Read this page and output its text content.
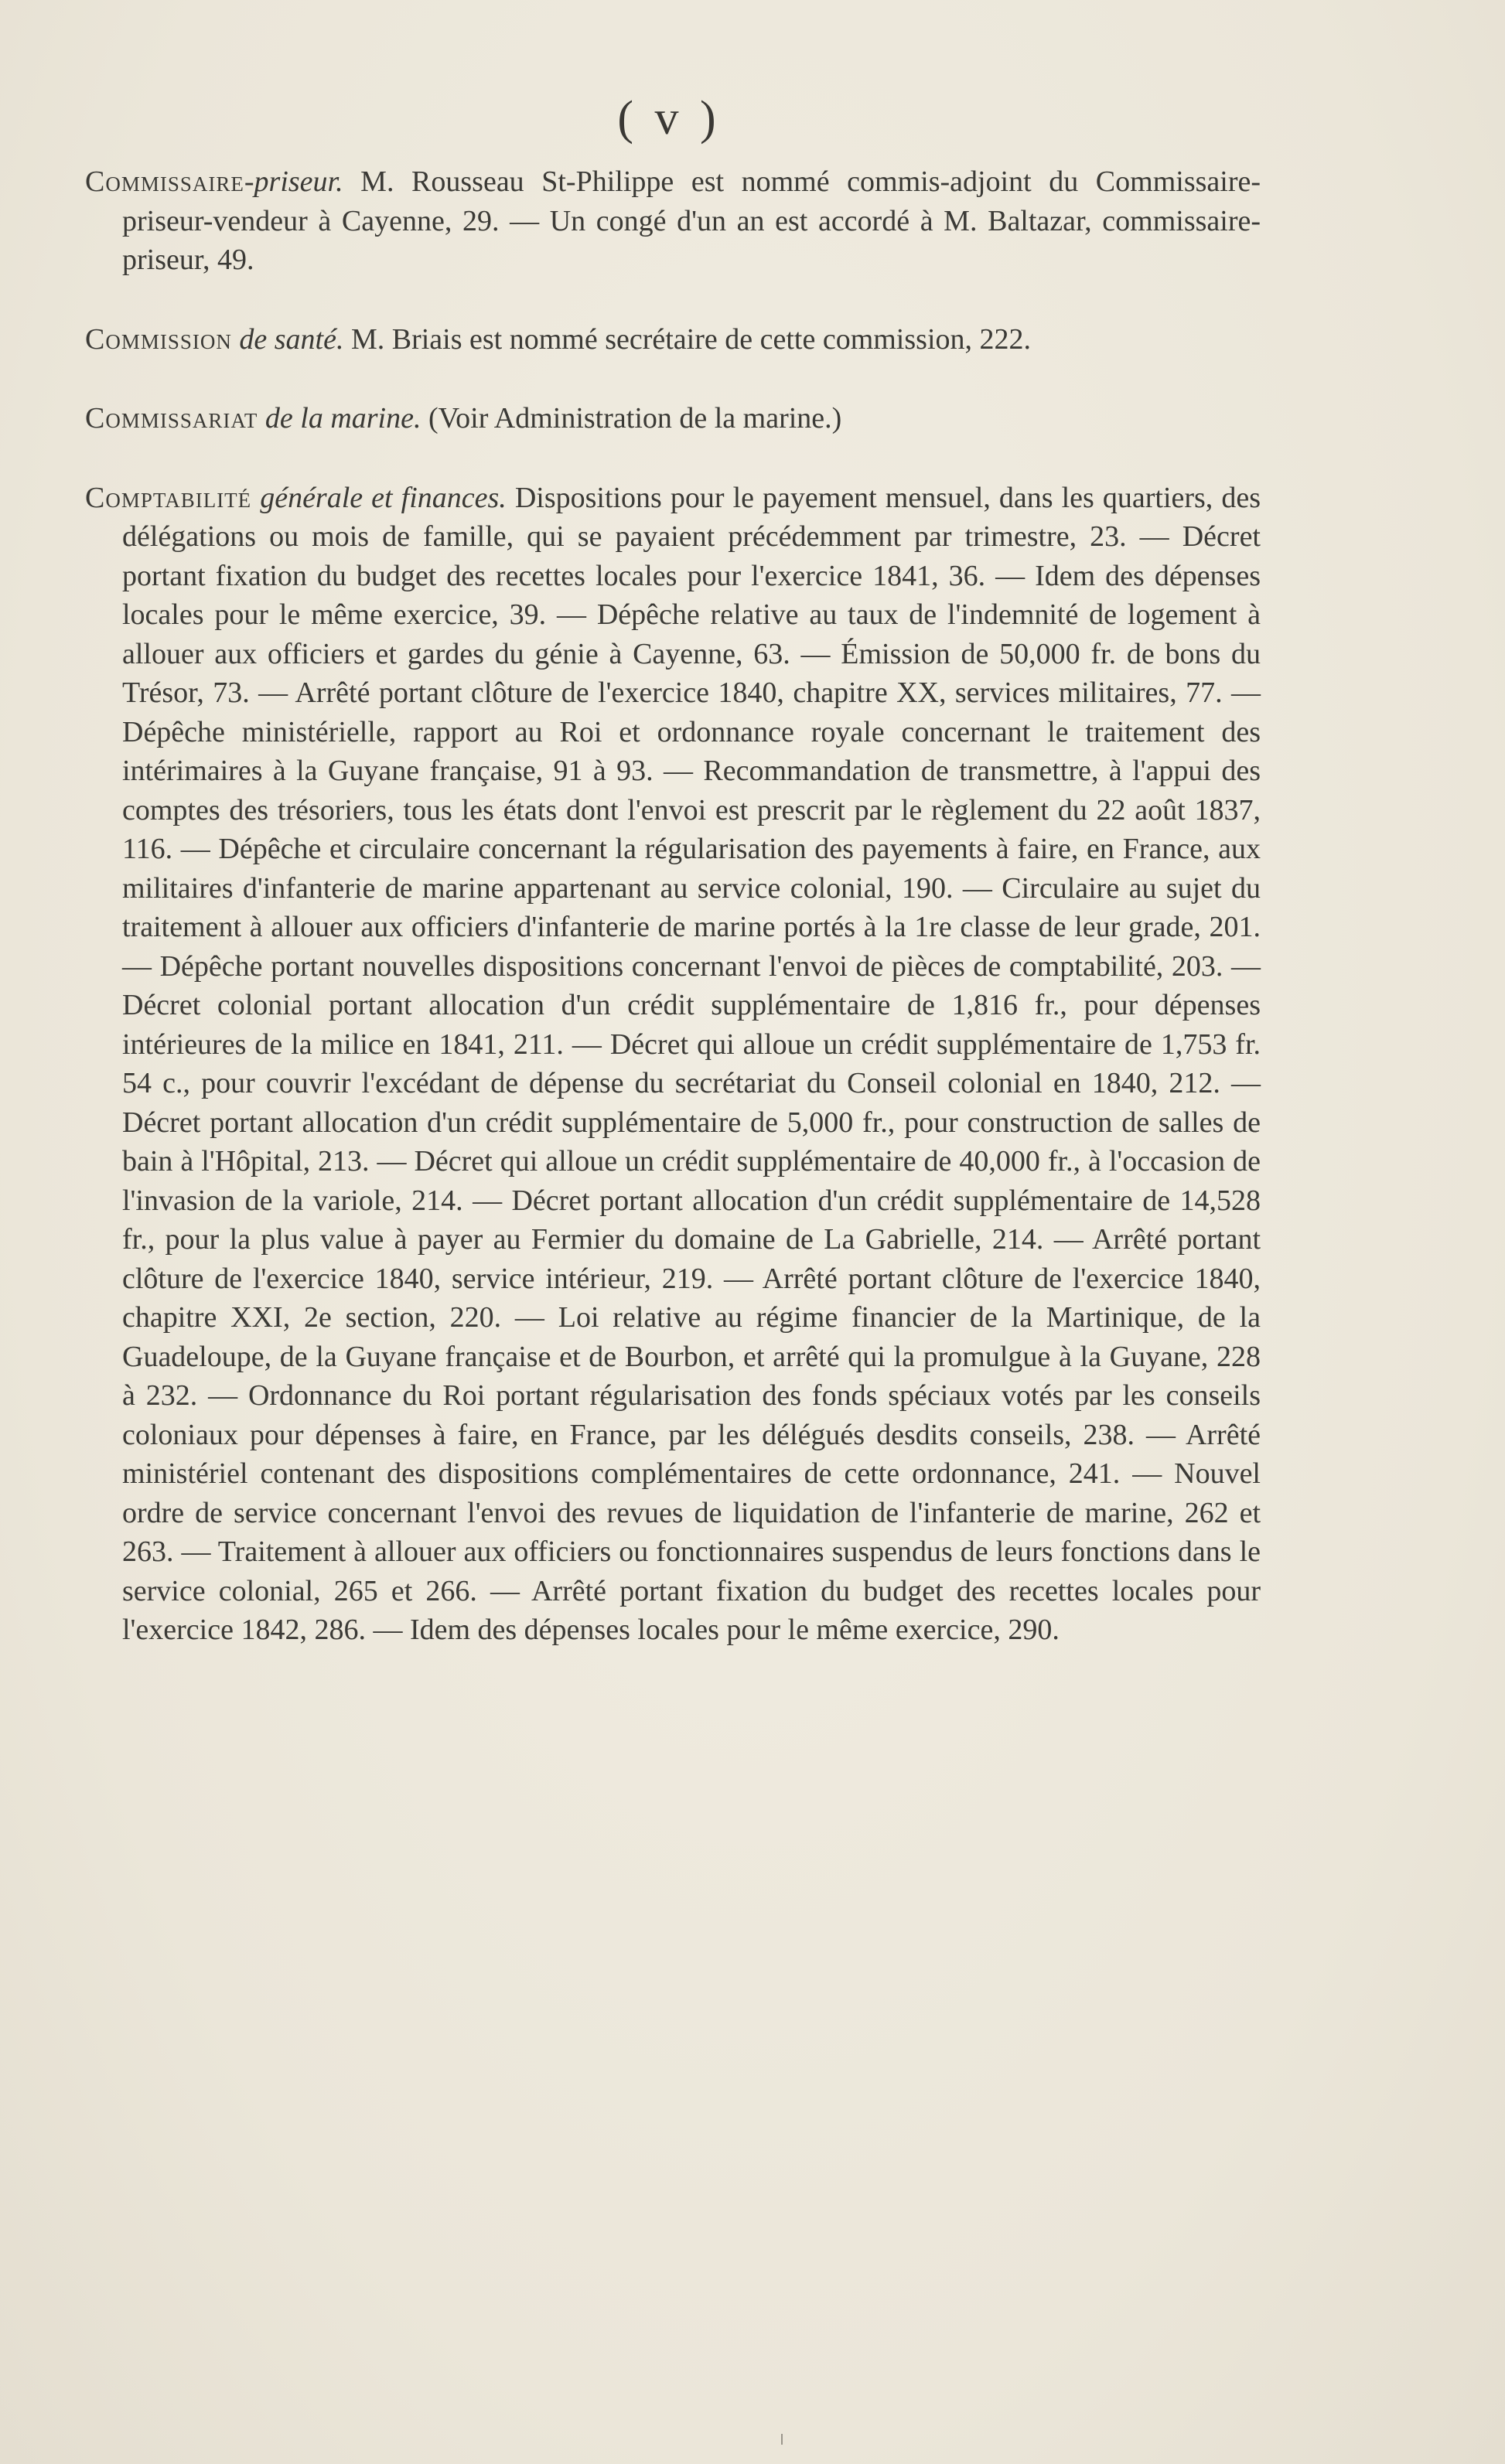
( v )

Commissaire-priseur. M. Rousseau St-Philippe est nommé commis-adjoint du Commissaire-priseur-vendeur à Cayenne, 29. — Un congé d'un an est accordé à M. Baltazar, commissaire-priseur, 49.

Commission de santé. M. Briais est nommé secrétaire de cette commission, 222.

Commissariat de la marine. (Voir Administration de la marine.)

Comptabilité générale et finances. Dispositions pour le payement mensuel, dans les quartiers, des délégations ou mois de famille, qui se payaient précédemment par trimestre, 23. — Décret portant fixation du budget des recettes locales pour l'exercice 1841, 36. — Idem des dépenses locales pour le même exercice, 39. — Dépêche relative au taux de l'indemnité de logement à allouer aux officiers et gardes du génie à Cayenne, 63. — Émission de 50,000 fr. de bons du Trésor, 73. — Arrêté portant clôture de l'exercice 1840, chapitre XX, services militaires, 77. — Dépêche ministérielle, rapport au Roi et ordonnance royale concernant le traitement des intérimaires à la Guyane française, 91 à 93. — Recommandation de transmettre, à l'appui des comptes des trésoriers, tous les états dont l'envoi est prescrit par le règlement du 22 août 1837, 116. — Dépêche et circulaire concernant la régularisation des payements à faire, en France, aux militaires d'infanterie de marine appartenant au service colonial, 190. — Circulaire au sujet du traitement à allouer aux officiers d'infanterie de marine portés à la 1re classe de leur grade, 201. — Dépêche portant nouvelles dispositions concernant l'envoi de pièces de comptabilité, 203. — Décret colonial portant allocation d'un crédit supplémentaire de 1,816 fr., pour dépenses intérieures de la milice en 1841, 211. — Décret qui alloue un crédit supplémentaire de 1,753 fr. 54 c., pour couvrir l'excédant de dépense du secrétariat du Conseil colonial en 1840, 212. — Décret portant allocation d'un crédit supplémentaire de 5,000 fr., pour construction de salles de bain à l'Hôpital, 213. — Décret qui alloue un crédit supplémentaire de 40,000 fr., à l'occasion de l'invasion de la variole, 214. — Décret portant allocation d'un crédit supplémentaire de 14,528 fr., pour la plus value à payer au Fermier du domaine de La Gabrielle, 214. — Arrêté portant clôture de l'exercice 1840, service intérieur, 219. — Arrêté portant clôture de l'exercice 1840, chapitre XXI, 2e section, 220. — Loi relative au régime financier de la Martinique, de la Guadeloupe, de la Guyane française et de Bourbon, et arrêté qui la promulgue à la Guyane, 228 à 232. — Ordonnance du Roi portant régularisation des fonds spéciaux votés par les conseils coloniaux pour dépenses à faire, en France, par les délégués desdits conseils, 238. — Arrêté ministériel contenant des dispositions complémentaires de cette ordonnance, 241. — Nouvel ordre de service concernant l'envoi des revues de liquidation de l'infanterie de marine, 262 et 263. — Traitement à allouer aux officiers ou fonctionnaires suspendus de leurs fonctions dans le service colonial, 265 et 266. — Arrêté portant fixation du budget des recettes locales pour l'exercice 1842, 286. — Idem des dépenses locales pour le même exercice, 290.
